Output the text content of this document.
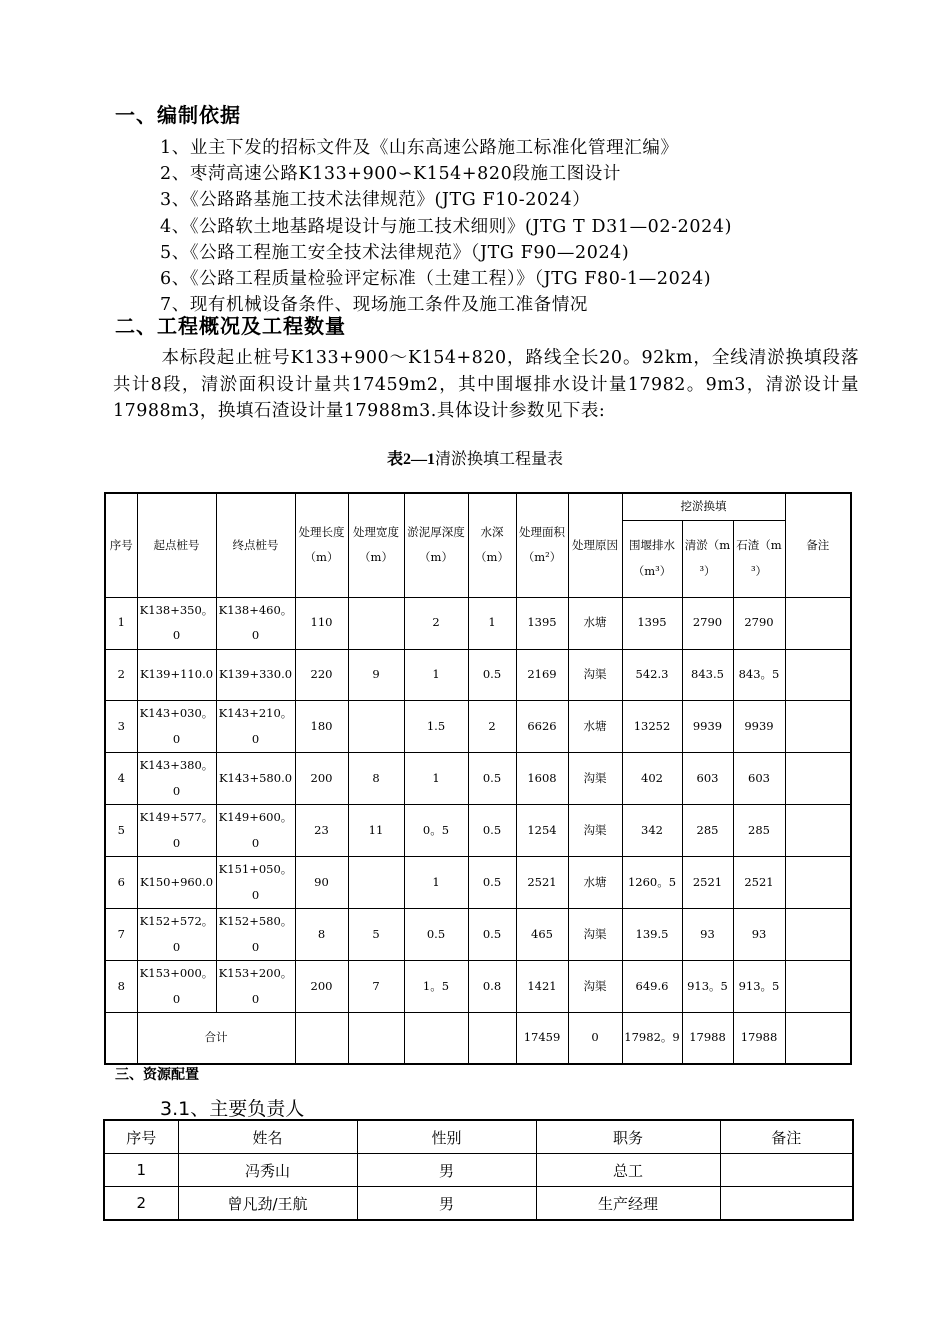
一、编制依据
1、业主下发的招标文件及《山东高速公路施工标准化管理汇编》
2、枣菏高速公路K133+900∽K154+820段施工图设计
3、《公路路基施工技术法律规范》(JTG F10-2024）
4、《公路软土地基路堤设计与施工技术细则》(JTG T D31—02-2024)
5、《公路工程施工安全技术法律规范》（JTG F90—2024)
6、《公路工程质量检验评定标准（土建工程）》（JTG F80-1—2024)
7、现有机械设备条件、现场施工条件及施工准备情况
二、工程概况及工程数量
本标段起止桩号K133+900～K154+820，路线全长20。92km，全线清淤换填段落共计8段，清淤面积设计量共17459m2，其中围堰排水设计量17982。9m3，清淤设计量17988m3，换填石渣设计量17988m3.具体设计参数见下表:
表2—1清淤换填工程量表
序号	起点桩号	终点桩号	处理长度（m）	处理宽度（m）	淤泥厚深度（m）	水深（m）	处理面积（m²）	处理原因	挖淤换填			备注
									围堰排水（m³）	清淤（m³）	石渣（m³）	
1	K138+350。0	K138+460。0	110		2	1	1395	水塘	1395	2790	2790	
2	K139+110.0	K139+330.0	220	9	1	0.5	2169	沟渠	542.3	843.5	843。5	
3	K143+030。0	K143+210。0	180		1.5	2	6626	水塘	13252	9939	9939	
4	K143+380。0	K143+580.0	200	8	1	0.5	1608	沟渠	402	603	603	
5	K149+577。0	K149+600。0	23	11	0。5	0.5	1254	沟渠	342	285	285	
6	K150+960.0	K151+050。0	90		1	0.5	2521	水塘	1260。5	2521	2521	
7	K152+572。0	K152+580。0	8	5	0.5	0.5	465	沟渠	139.5	93	93	
8	K153+000。0	K153+200。0	200	7	1。5	0.8	1421	沟渠	649.6	913。5	913。5	
	合计						17459	0	17982。9	17988	17988	
三、资源配置
3.1、主要负责人
序号	姓名	性别	职务	备注
1	冯秀山	男	总工	
2	曾凡劲/王航	男	生产经理	
